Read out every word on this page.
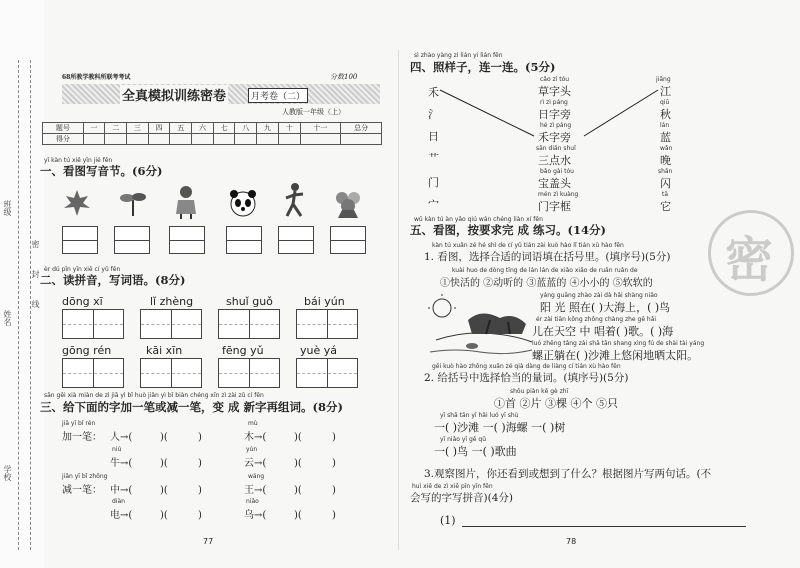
班级
姓名
学校
密
封
线
68所教学教科所联考考试	分数100
全真模拟训练密卷	月考卷（二）
人教版一年级（上）
题号	一	二	三	四	五	六	七	八	九	十	十一	总分
得分												
yī kàn tú xiě yīn jié fēn
一、看图写音节。(6分)
èr dú pīn yīn xiě cí yǔ fēn
二、读拼音，写词语。(8分)
dōng xī	lǐ zhèng	shuǐ guǒ	bái yún
gōng rén	kāi xīn	fēng yǔ	yuè yá
sān gěi xià miàn de zì jiā yì bǐ huò jiǎn yì bǐ biàn chéng xīn zì zài zǔ cí fēn
三、给下面的字加一笔或减一笔，变 成 新字再组词。(8分)
jiā yī bǐ rén	mù
加一笔： 人→( 　　)( 　　)	木→( 　　)( 　　)
niú	yún
牛→( 　　)( 　　)	云→( 　　)( 　　)
jiǎn yī bǐ zhōng	wáng
减一笔： 中→( 　　)( 　　)	王→( 　　)( 　　)
diàn	niǎo
电→( 　　)( 　　)	乌→( 　　)( 　　)
77
sì zhào yàng zi lián yi lián fēn
四、照样子，连一连。(5分)
禾
氵
日
艹
门
宀
cǎo zì tóu
草字头
rì zì páng
日字旁
hé zì páng
禾字旁
sān diǎn shuǐ
三点水
bǎo gài tóu
宝盖头
mén zì kuàng
门字框
jiāng
江
qiū
秋
lán
蓝
wǎn
晚
shǎn
闪
tā
它
wǔ kàn tú àn yāo qiú wán chéng liàn xí fēn
五、看图，按要求完 成 练习。(14分)
kàn tú xuǎn zé hé shì de cí yǔ tián zài kuò hào lǐ tián xù hào fēn
1. 看图，选择合适的词语填在括号里。(填序号)(5分)
kuài huo de dòng tīng de lán lán de xiǎo xiǎo de ruǎn ruǎn de
①快活的 ②动听的 ③蓝蓝的 ④小小的 ⑤软软的
yáng guāng zhào zài dà hǎi shàng niǎo
阳 光 照在( )大海上，( )鸟
ér zài tiān kōng zhōng chàng zhe gē hǎi
儿在天空 中 唱着( )歌。( )海
luó zhēng tǎng zài shā tān shang xìng fú de shài tài yáng
螺正躺在( )沙滩上悠闲地晒太阳。
gěi kuò hào zhōng xuǎn zé qià dàng de liàng cí tián xù hào fēn
2. 给括号中选择恰当的量词。(填序号)(5分)
shǒu piàn kē gè zhī
①首 ②片 ③棵 ④个 ⑤只
yī shā tān yī hǎi luó yī shù
一( )沙滩 一( )海螺 一( )树
yī niǎo yī gē qǔ
一( )鸟 一( )歌曲
3.观察图片，你还看到或想到了什么？根据图片写两句话。(不
huì xiě de zì xiě pīn yīn fēn
会写的字写拼音)(4分)
(1)
78
密
